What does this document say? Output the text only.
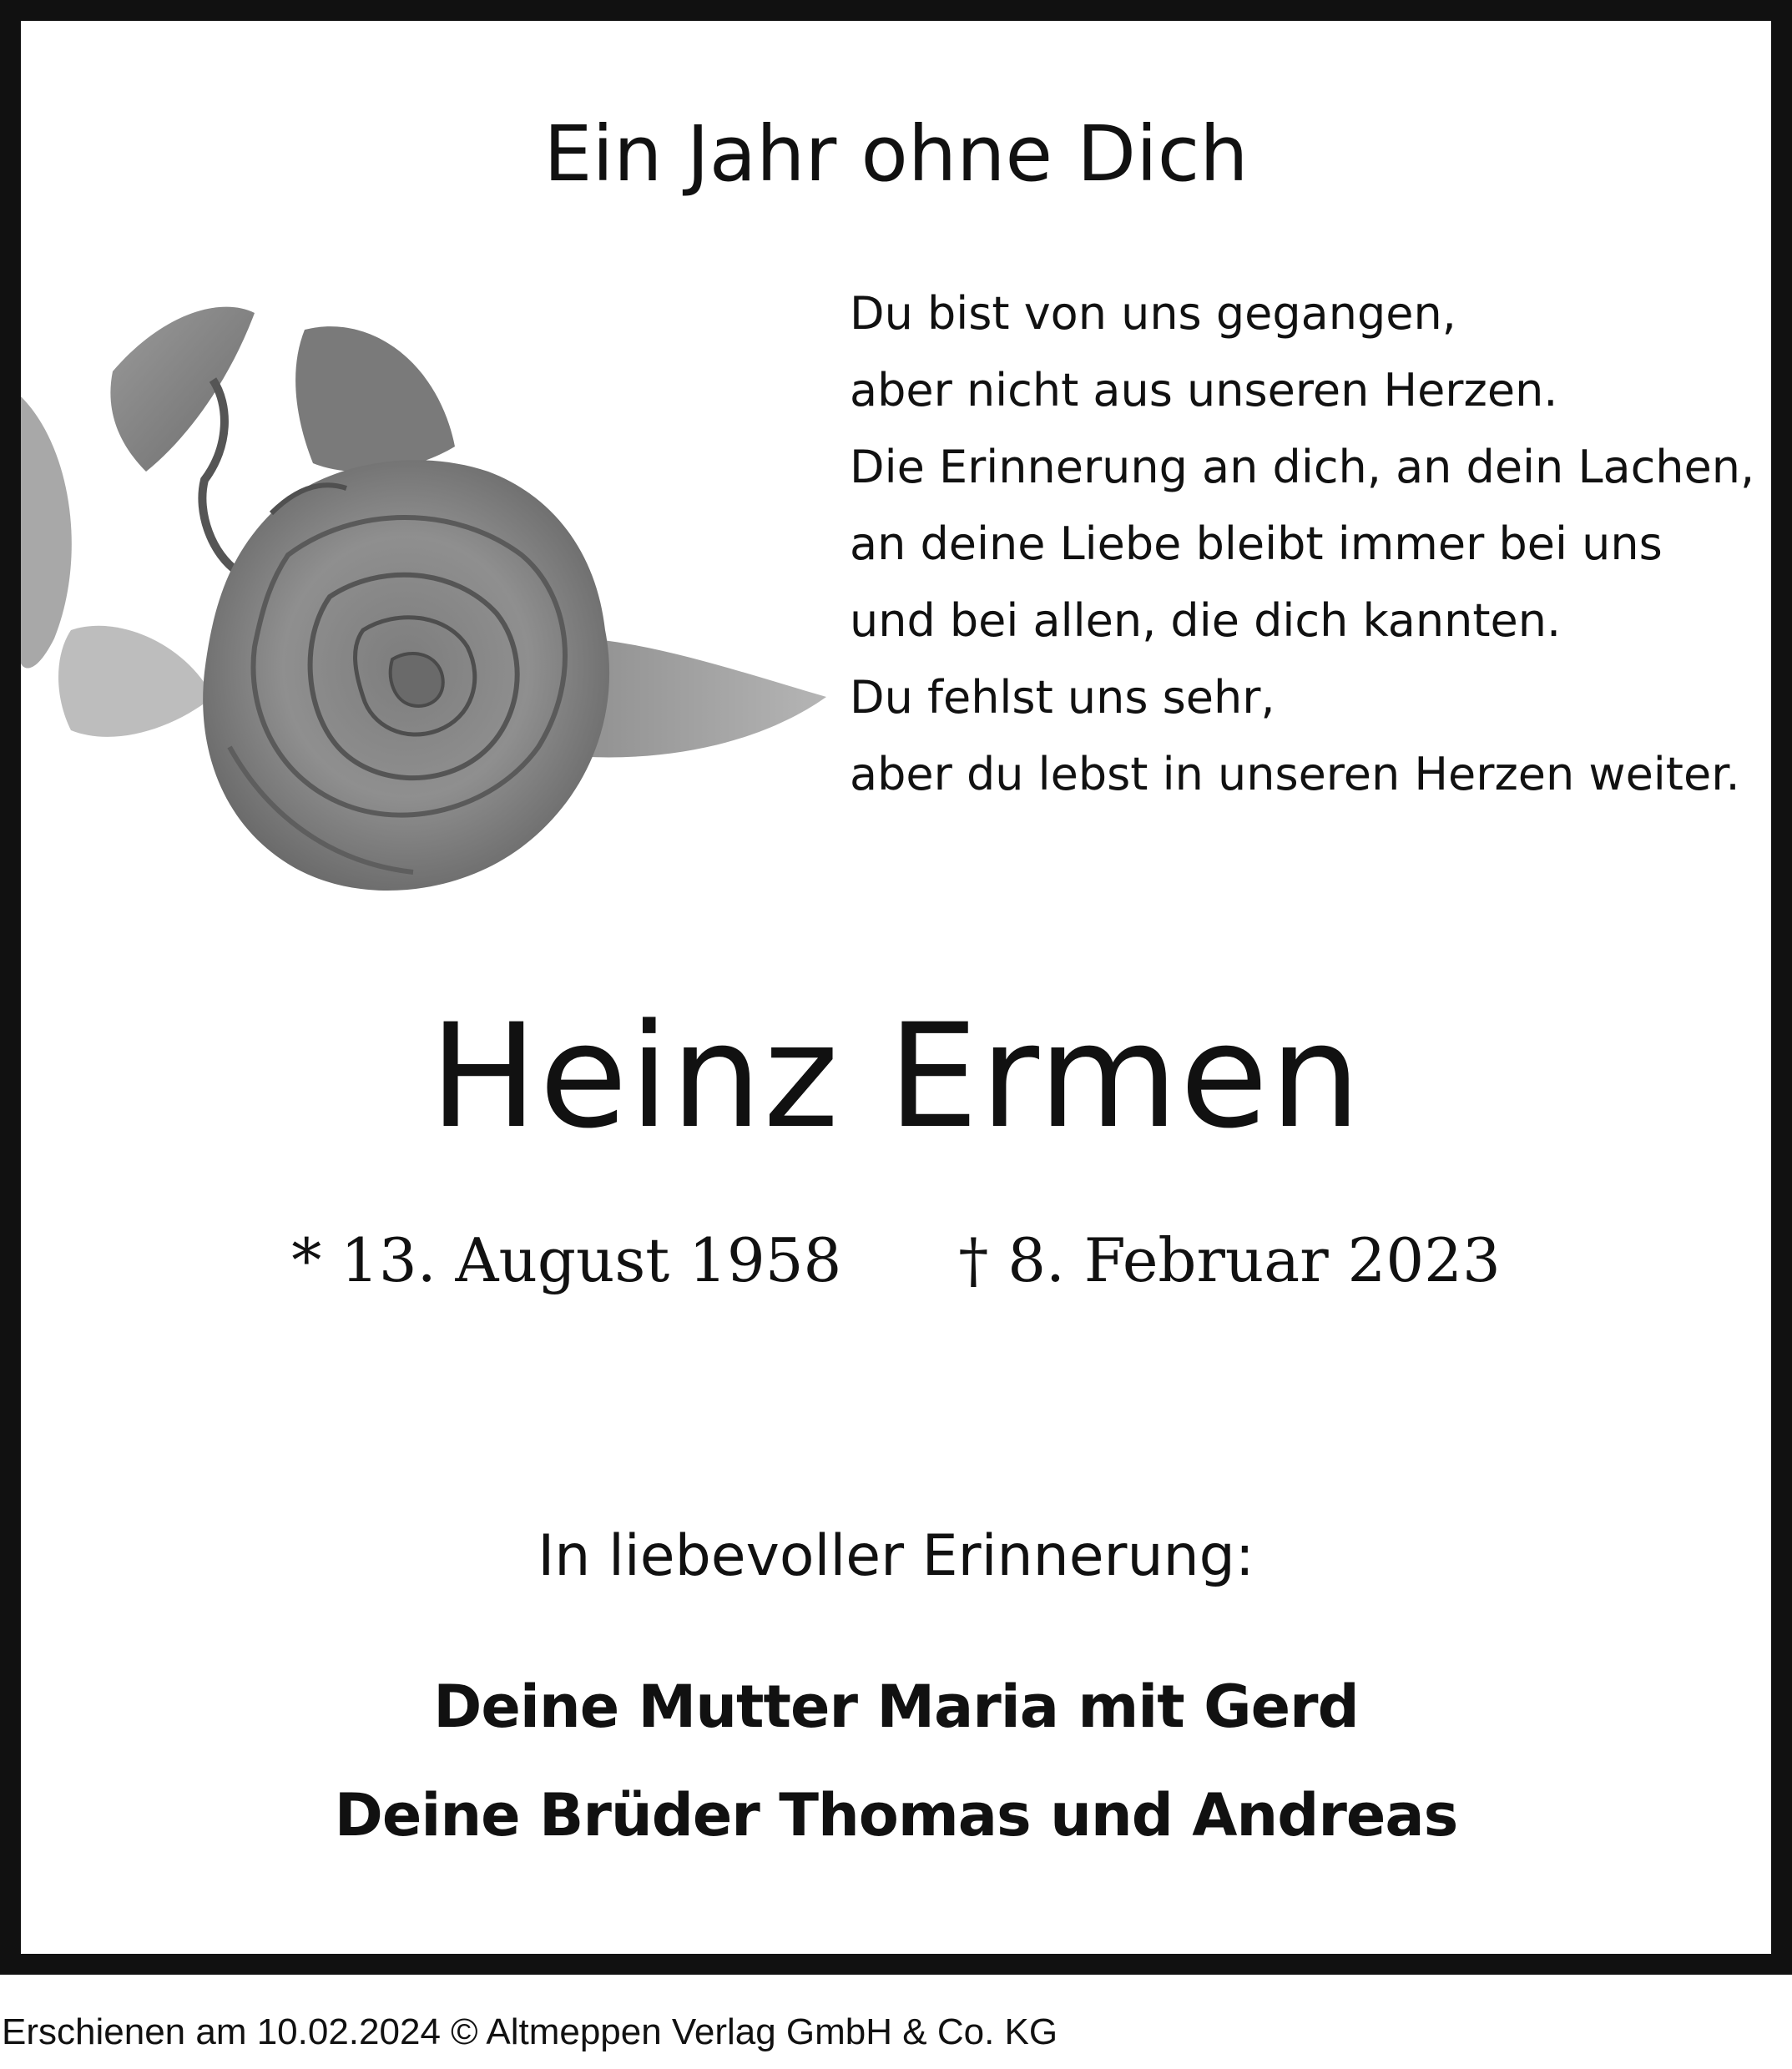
Ein Jahr ohne Dich
Du bist von uns gegangen,
aber nicht aus unseren Herzen.
Die Erinnerung an dich, an dein Lachen,
an deine Liebe bleibt immer bei uns
und bei allen, die dich kannten.
Du fehlst uns sehr,
aber du lebst in unseren Herzen weiter.
Heinz Ermen
* 13. August 1958 † 8. Februar 2023
In liebevoller Erinnerung:
Deine Mutter Maria mit Gerd
Deine Brüder Thomas und Andreas
Erschienen am 10.02.2024 © Altmeppen Verlag GmbH & Co. KG
